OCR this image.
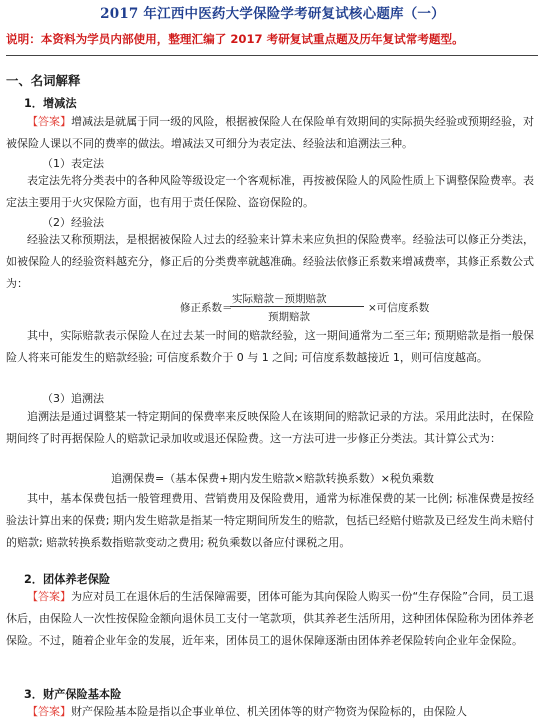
2017 年江西中医药大学保险学考研复试核心题库（一）
说明：本资料为学员内部使用，整理汇编了 2017 考研复试重点题及历年复试常考题型。
一、名词解释
1．增减法
【答案】增减法是就属于同一级的风险，根据被保险人在保险单有效期间的实际损失经验或预期经验，对被保险人课以不同的费率的做法。增减法又可细分为表定法、经验法和追溯法三种。
（1）表定法
表定法先将分类表中的各种风险等级设定一个客观标准，再按被保险人的风险性质上下调整保险费率。表定法主要用于火灾保险方面，也有用于责任保险、盗窃保险的。
（2）经验法
经验法又称预期法，是根据被保险人过去的经验来计算未来应负担的保险费率。经验法可以修正分类法，如被保险人的经验资料越充分，修正后的分类费率就越准确。经验法依修正系数来增减费率，其修正系数公式为：
修正系数＝
实际赔款－预期赔款
预期赔款
×可信度系数
其中，实际赔款表示保险人在过去某一时间的赔款经验，这一期间通常为二至三年; 预期赔款是指一般保险人将来可能发生的赔款经验; 可信度系数介于 0 与 1 之间; 可信度系数越接近 1，则可信度越高。
（3）追溯法
追溯法是通过调整某一特定期间的保费率来反映保险人在该期间的赔款记录的方法。采用此法时，在保险期间终了时再据保险人的赔款记录加收或退还保险费。这一方法可进一步修正分类法。其计算公式为：
追溯保费=（基本保费+期内发生赔款×赔款转换系数）×税负乘数
其中，基本保费包括一般管理费用、营销费用及保险费用，通常为标准保费的某一比例; 标准保费是按经验法计算出来的保费; 期内发生赔款是指某一特定期间所发生的赔款，包括已经赔付赔款及已经发生尚未赔付的赔款; 赔款转换系数指赔款变动之费用; 税负乘数以备应付课税之用。
2．团体养老保险
【答案】为应对员工在退休后的生活保障需要，团体可能为其向保险人购买一份“生存保险”合同，员工退休后，由保险人一次性按保险金额向退休员工支付一笔款项，供其养老生活所用，这种团体保险称为团体养老保险。不过，随着企业年金的发展，近年来，团体员工的退休保障逐渐由团体养老保险转向企业年金保险。
3．财产保险基本险
【答案】财产保险基本险是指以企事业单位、机关团体等的财产物资为保险标的，由保险人
